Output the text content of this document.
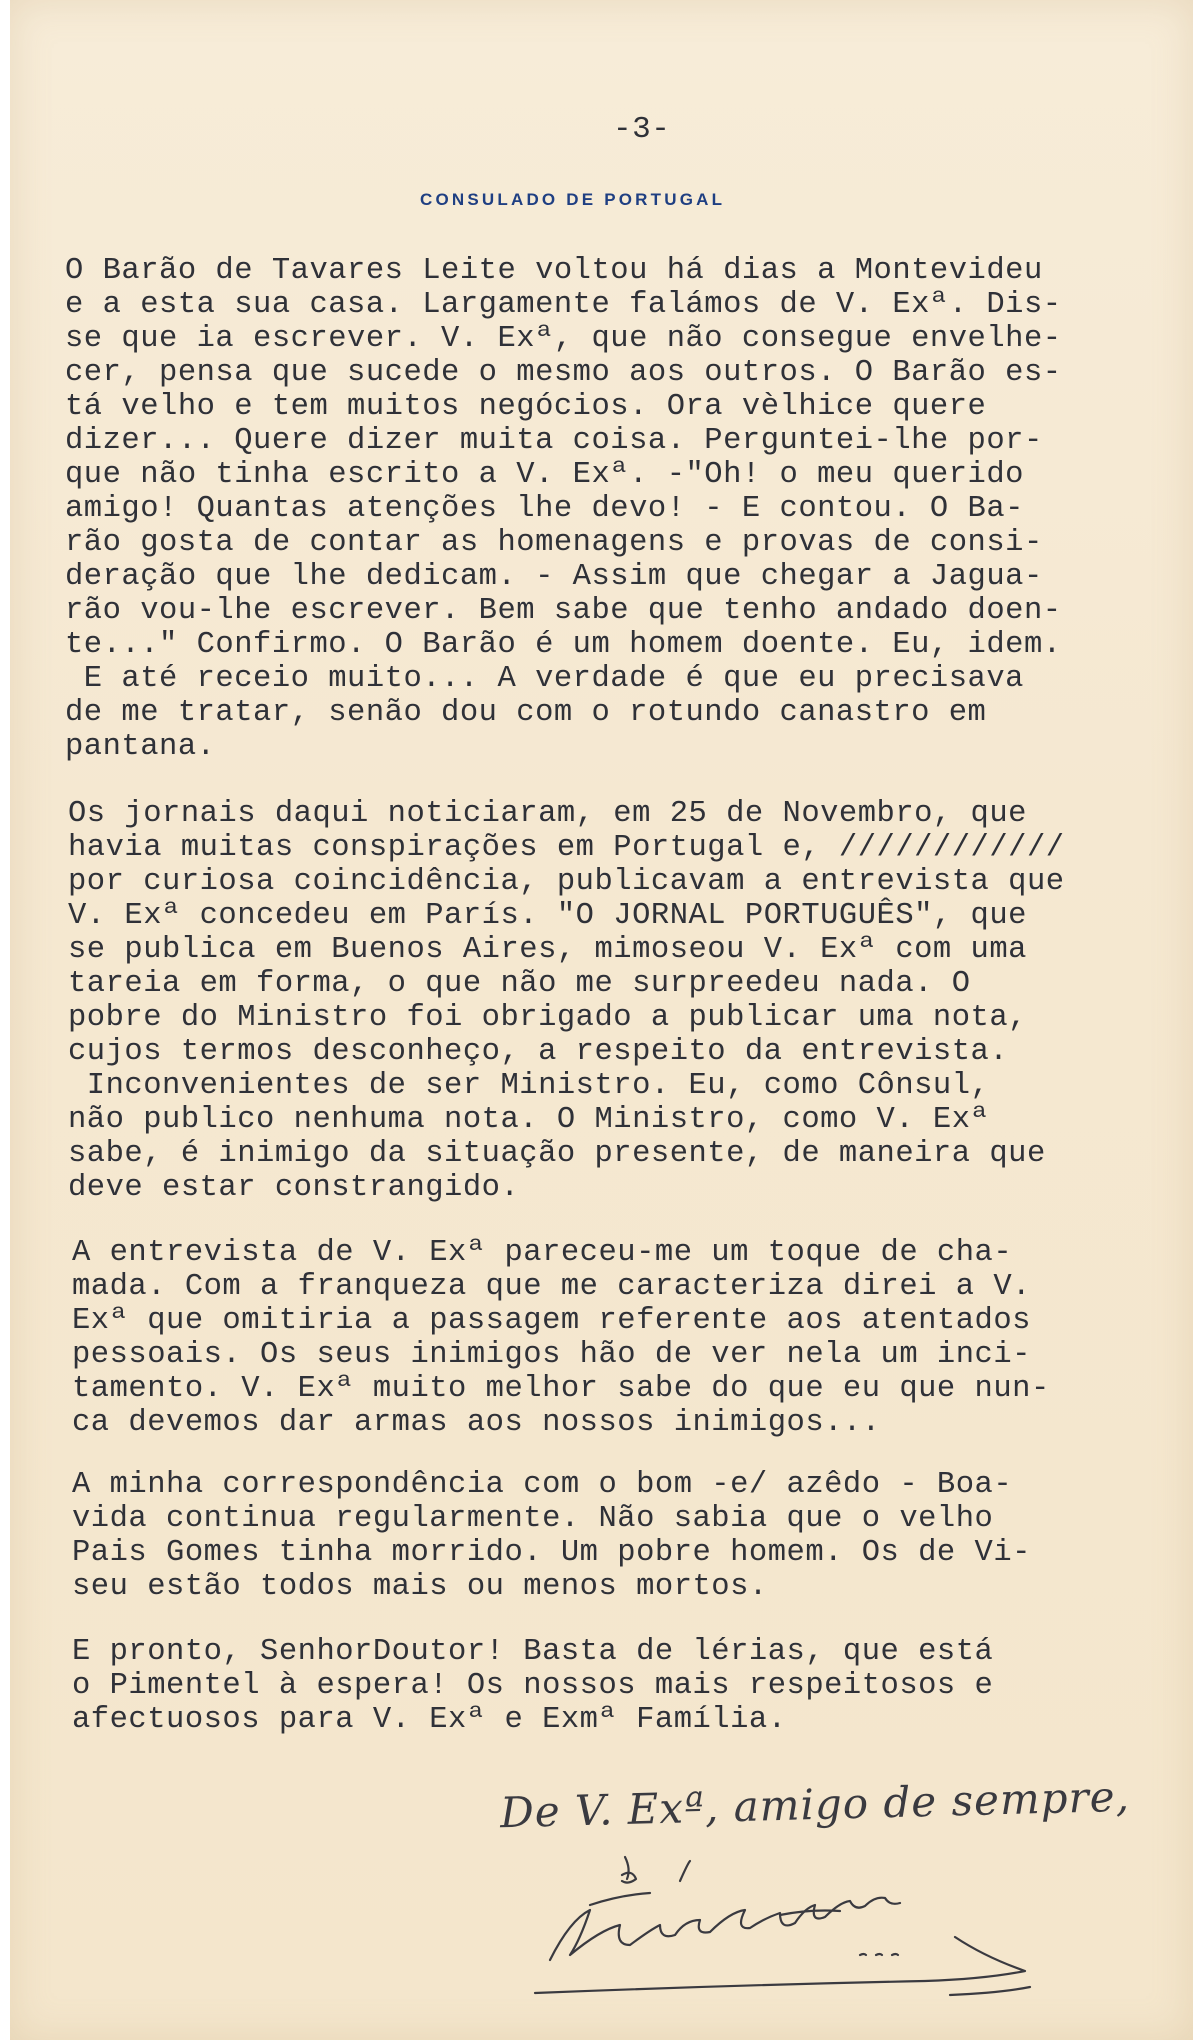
-3-
CONSULADO DE PORTUGAL

O Barão de Tavares Leite voltou há dias a Montevideu

e a esta sua casa. Largamente falámos de V. Exª. Dis-

se que ia escrever. V. Exª, que não consegue envelhe-

cer, pensa que sucede o mesmo aos outros. O Barão es-

tá velho e tem muitos negócios. Ora vèlhice quere

dizer... Quere dizer muita coisa. Perguntei-lhe por-

que não tinha escrito a V. Exª. -"Oh! o meu querido

amigo! Quantas atenções lhe devo! - E contou. O Ba-

rão gosta de contar as homenagens e provas de consi-

deração que lhe dedicam. - Assim que chegar a Jagua-

rão vou-lhe escrever. Bem sabe que tenho andado doen-

te..." Confirmo. O Barão é um homem doente. Eu, idem.

E até receio muito... A verdade é que eu precisava

de me tratar, senão dou com o rotundo canastro em

pantana.

Os jornais daqui noticiaram, em 25 de Novembro, que

havia muitas conspirações em Portugal e, ////////////

por curiosa coincidência, publicavam a entrevista que

V. Exª concedeu em París. "O JORNAL PORTUGUÊS", que

se publica em Buenos Aires, mimoseou V. Exª com uma

tareia em forma, o que não me surpreedeu nada. O

pobre do Ministro foi obrigado a publicar uma nota,

cujos termos desconheço, a respeito da entrevista.

Inconvenientes de ser Ministro. Eu, como Cônsul,

não publico nenhuma nota. O Ministro, como V. Exª

sabe, é inimigo da situação presente, de maneira que

deve estar constrangido.

A entrevista de V. Exª pareceu-me um toque de cha-

mada. Com a franqueza que me caracteriza direi a V.

Exª que omitiria a passagem referente aos atentados

pessoais. Os seus inimigos hão de ver nela um inci-

tamento. V. Exª muito melhor sabe do que eu que nun-

ca devemos dar armas aos nossos inimigos...

A minha correspondência com o bom -e/ azêdo - Boa-

vida continua regularmente. Não sabia que o velho

Pais Gomes tinha morrido. Um pobre homem. Os de Vi-

seu estão todos mais ou menos mortos.

E pronto, SenhorDoutor! Basta de lérias, que está

o Pimentel à espera! Os nossos mais respeitosos e

afectuosos para V. Exª e Exmª Família.

De V. Exª, amigo de sempre,
